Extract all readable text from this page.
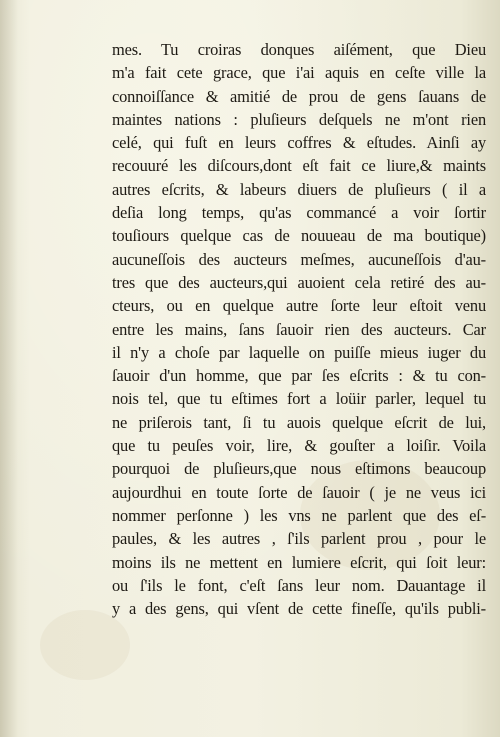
mes. Tu croiras donques aiſément, que Dieu
m'a fait cete grace, que i'ai aquis en ceſte ville la
connoiſſance & amitié de prou de gens ſauans de
maintes nations : pluſieurs deſquels ne m'ont rien
celé, qui fuſt en leurs coffres & eſtudes. Ainſi ay
recouuré les diſcours,dont eſt fait ce liure,& maints
autres eſcrits, & labeurs diuers de pluſieurs ( il a
deſia long temps, qu'as commancé a voir ſortir
touſiours quelque cas de nouueau de ma boutique)
aucuneſſois des aucteurs meſmes, aucuneſſois d'au-
tres que des aucteurs,qui auoient cela retiré des au-
cteurs, ou en quelque autre ſorte leur eſtoit venu
entre les mains, ſans ſauoir rien des aucteurs. Car
il n'y a choſe par laquelle on puiſſe mieus iuger du
ſauoir d'un homme, que par ſes eſcrits : & tu con-
nois tel, que tu eſtimes fort a loüir parler, lequel tu
ne priſerois tant, ſi tu auois quelque eſcrit de lui,
que tu peuſes voir, lire, & gouſter a loiſir. Voila
pourquoi de pluſieurs,que nous eſtimons beaucoup
aujourdhui en toute ſorte de ſauoir ( je ne veus ici
nommer perſonne ) les vns ne parlent que des eſ-
paules, & les autres , ſ'ils parlent prou , pour le
moins ils ne mettent en lumiere eſcrit, qui ſoit leur:
ou ſ'ils le font, c'eſt ſans leur nom. Dauantage il
y a des gens, qui vſent de cette fineſſe, qu'ils publi-
